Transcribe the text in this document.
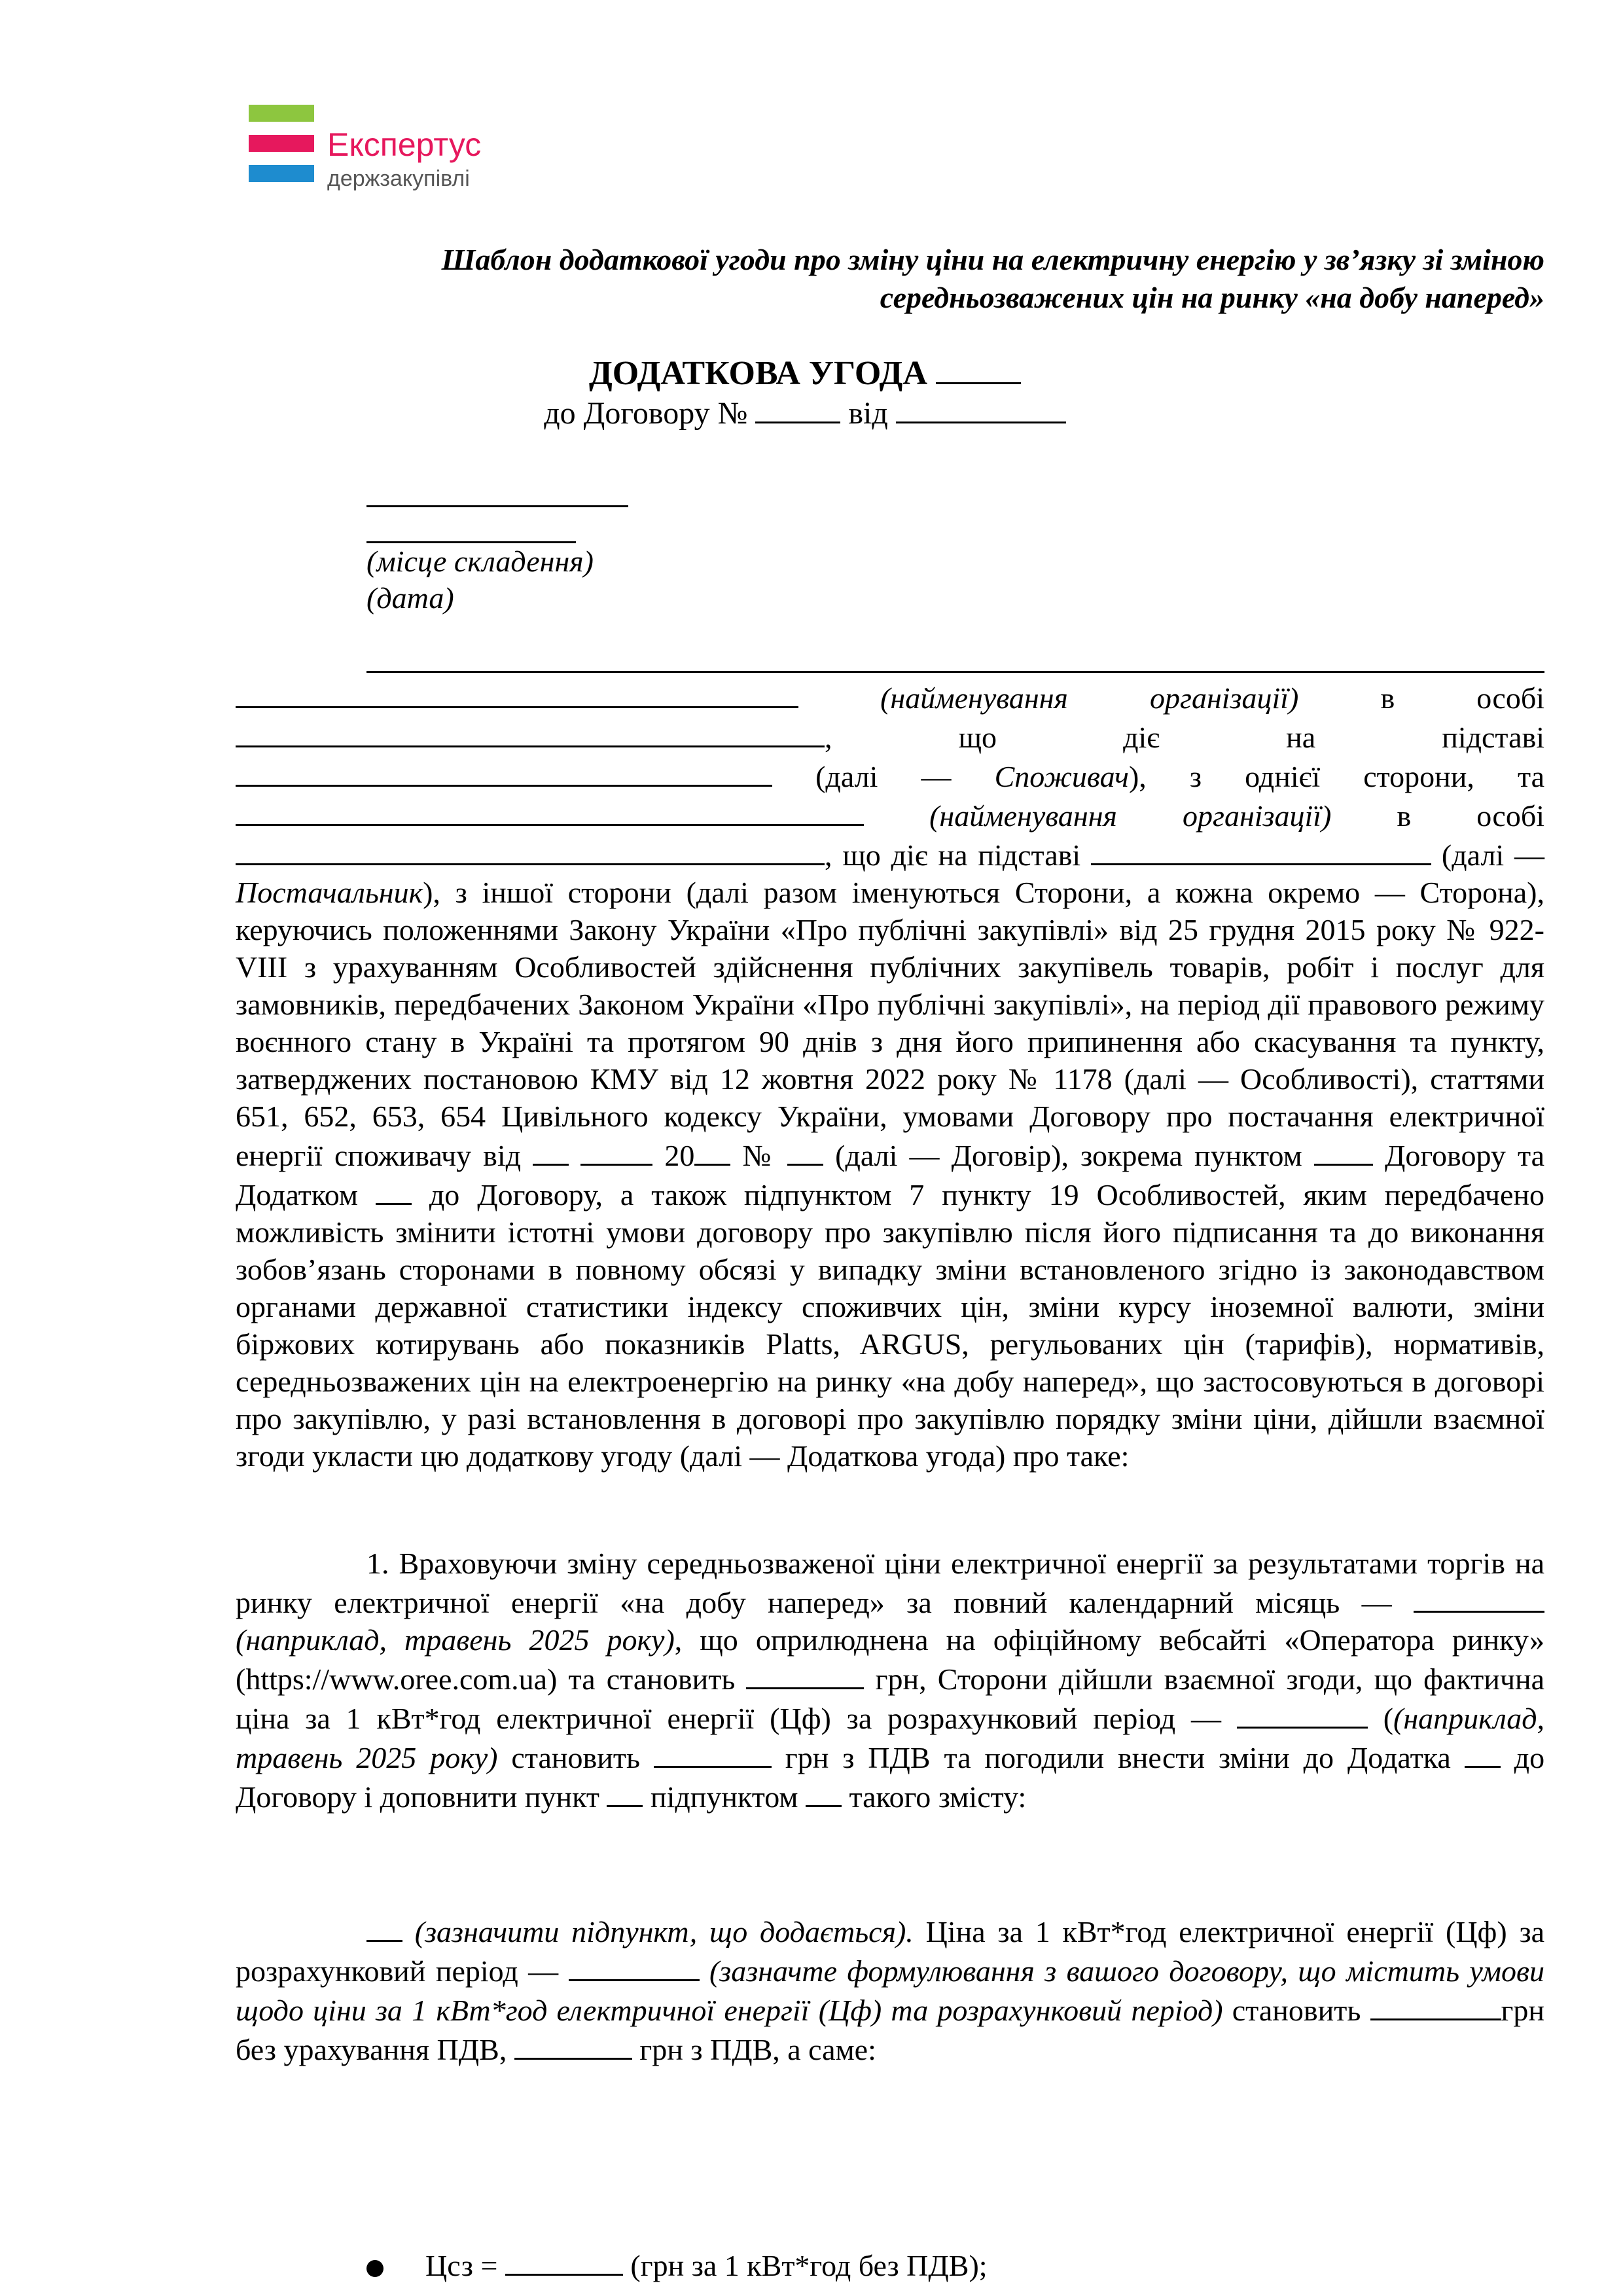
Експертус
держзакупівлі
Шаблон додаткової угоди про зміну ціни на електричну енергію у зв’язку зі зміною середньозважених цін на ринку «на добу наперед»
ДОДАТКОВА УГОДА
до Договору №	від
(місце складення)
(дата)

(найменування організації)	в особі , що діє на підставі  (далі — Споживач), з однієї сторони, та  (найменування організації) в особі , що діє на підставі	(далі — Постачальник), з іншої сторони (далі разом іменуються Сторони, а кожна окремо — Сторона), керуючись положеннями Закону України «Про публічні закупівлі» від 25 грудня 2015 року № 922-VIII з урахуванням Особливостей здійснення публічних закупівель товарів, робіт і послуг для замовників, передбачених Законом України «Про публічні закупівлі», на період дії правового режиму воєнного стану в Україні та протягом 90 днів з дня його припинення або скасування та пункту, затверджених постановою КМУ від 12 жовтня 2022 року № 1178 (далі — Особливості), статтями 651, 652, 653, 654 Цивільного кодексу України, умовами Договору про постачання електричної енергії споживачу від	20 № (далі — Договір), зокрема пунктом	Договору та Додатком до Договору, а також підпунктом 7 пункту 19 Особливостей, яким передбачено можливість змінити істотні умови договору про закупівлю після його підписання та до виконання зобов’язань сторонами в повному обсязі у випадку зміни встановленого згідно із законодавством органами державної статистики індексу споживчих цін, зміни курсу іноземної валюти, зміни біржових котирувань або показників Platts, ARGUS, регульованих цін (тарифів), нормативів, середньозважених цін на електроенергію на ринку «на добу наперед», що застосовуються в договорі про закупівлю, у разі встановлення в договорі про закупівлю порядку зміни ціни, дійшли взаємної згоди укласти цю додаткову угоду (далі — Додаткова угода) про таке:

1. Враховуючи зміну середньозваженої ціни електричної енергії за результатами торгів на ринку електричної енергії «на добу наперед» за повний календарний місяць —  (наприклад, травень 2025 року), що оприлюднена на офіційному вебсайті «Оператора ринку» (https://www.oree.com.ua) та становить	грн, Сторони дійшли взаємної згоди, що фактична ціна за 1 кВт*год електричної енергії (Цф) за розрахунковий період —	((наприклад, травень 2025 року) становить	грн з ПДВ та погодили внести зміни до Додатка до Договору і доповнити пункт підпунктом такого змісту:

(зазначити підпункт, що додається). Ціна за 1 кВт*год електричної енергії (Цф) за розрахунковий період —	(зазначте формулювання з вашого договору, що містить умови щодо ціни за 1 кВт*год електричної енергії (Цф) та розрахунковий період) становить	грн без урахування ПДВ,	грн з ПДВ, а саме:

Цсз =	(грн за 1 кВт*год без ПДВ);
